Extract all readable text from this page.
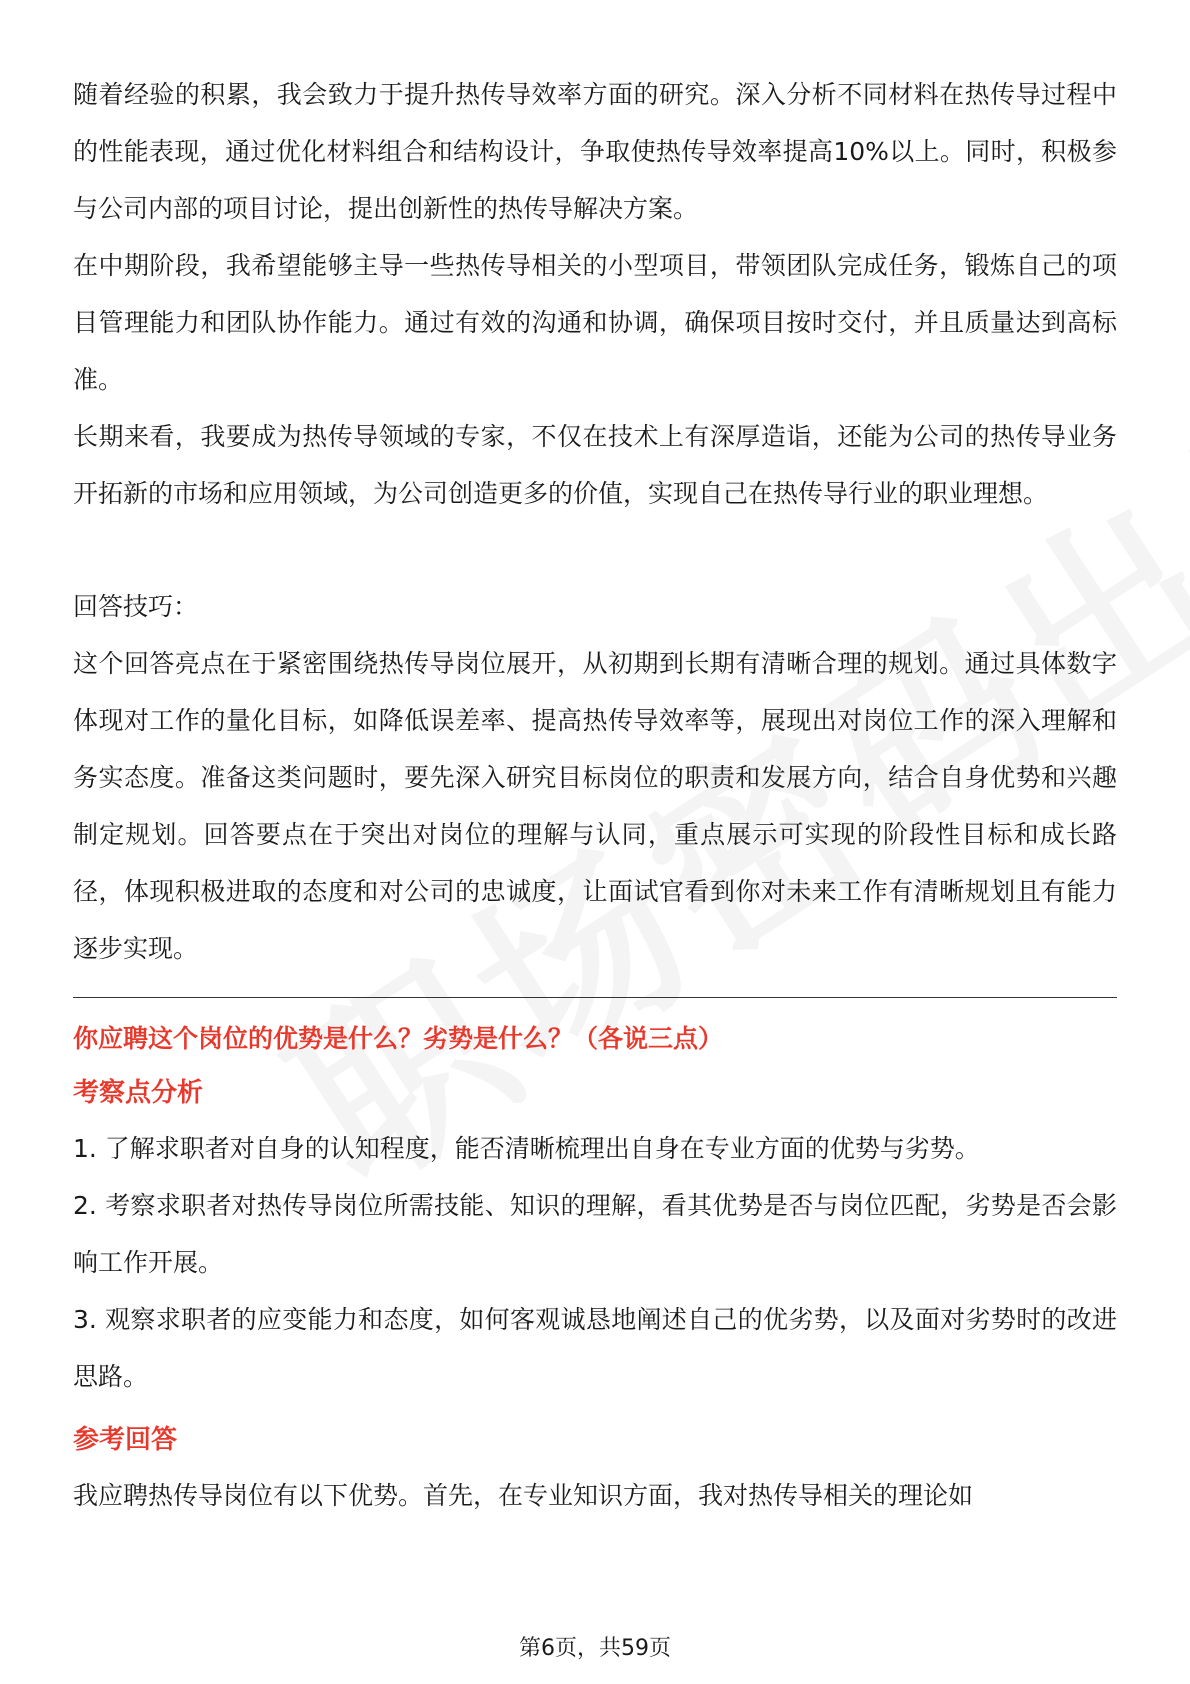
随着经验的积累，我会致力于提升热传导效率方面的研究。深入分析不同材料在热传导过程中的性能表现，通过优化材料组合和结构设计，争取使热传导效率提高10%以上。同时，积极参与公司内部的项目讨论，提出创新性的热传导解决方案。

在中期阶段，我希望能够主导一些热传导相关的小型项目，带领团队完成任务，锻炼自己的项目管理能力和团队协作能力。通过有效的沟通和协调，确保项目按时交付，并且质量达到高标准。

长期来看，我要成为热传导领域的专家，不仅在技术上有深厚造诣，还能为公司的热传导业务开拓新的市场和应用领域，为公司创造更多的价值，实现自己在热传导行业的职业理想。

回答技巧：

这个回答亮点在于紧密围绕热传导岗位展开，从初期到长期有清晰合理的规划。通过具体数字体现对工作的量化目标，如降低误差率、提高热传导效率等，展现出对岗位工作的深入理解和务实态度。准备这类问题时，要先深入研究目标岗位的职责和发展方向，结合自身优势和兴趣制定规划。回答要点在于突出对岗位的理解与认同，重点展示可实现的阶段性目标和成长路径，体现积极进取的态度和对公司的忠诚度，让面试官看到你对未来工作有清晰规划且有能力逐步实现。

你应聘这个岗位的优势是什么？劣势是什么？（各说三点）

考察点分析

1. 了解求职者对自身的认知程度，能否清晰梳理出自身在专业方面的优势与劣势。

2. 考察求职者对热传导岗位所需技能、知识的理解，看其优势是否与岗位匹配，劣势是否会影响工作开展。

3. 观察求职者的应变能力和态度，如何客观诚恳地阐述自己的优劣势，以及面对劣势时的改进思路。

参考回答

我应聘热传导岗位有以下优势。首先，在专业知识方面，我对热传导相关的理论如

第6页，共59页
